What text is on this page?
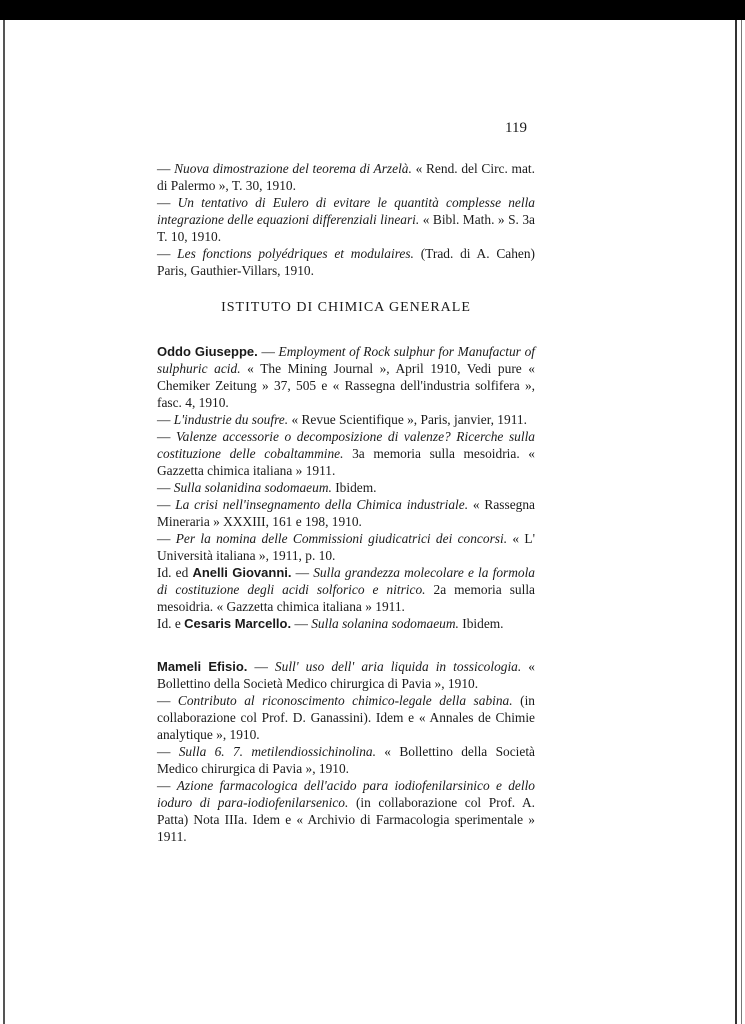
119
— Nuova dimostrazione del teorema di Arzelà. « Rend. del Circ. mat. di Palermo », T. 30, 1910.
— Un tentativo di Eulero di evitare le quantità complesse nella integrazione delle equazioni differenziali lineari. « Bibl. Math. » S. 3a T. 10, 1910.
— Les fonctions polyédriques et modulaires. (Trad. di A. Cahen) Paris, Gauthier-Villars, 1910.
ISTITUTO DI CHIMICA GENERALE
Oddo Giuseppe. — Employment of Rock sulphur for Manufactur of sulphuric acid. « The Mining Journal », April 1910, Vedi pure « Chemiker Zeitung » 37, 505 e « Rassegna dell'industria solfifera », fasc. 4, 1910.
— L'industrie du soufre. « Revue Scientifique », Paris, janvier, 1911.
— Valenze accessorie o decomposizione di valenze? Ricerche sulla costituzione delle cobaltammine. 3a memoria sulla mesoidria. « Gazzetta chimica italiana » 1911.
— Sulla solanidina sodomaeum. Ibidem.
— La crisi nell'insegnamento della Chimica industriale. « Rassegna Mineraria » XXXIII, 161 e 198, 1910.
— Per la nomina delle Commissioni giudicatrici dei concorsi. « L' Università italiana », 1911, p. 10.
Id. ed Anelli Giovanni. — Sulla grandezza molecolare e la formola di costituzione degli acidi solforico e nitrico. 2a memoria sulla mesoidria. « Gazzetta chimica italiana » 1911.
Id. e Cesaris Marcello. — Sulla solanina sodomaeum. Ibidem.
Mameli Efisio. — Sull' uso dell' aria liquida in tossicologia. « Bollettino della Società Medico chirurgica di Pavia », 1910.
— Contributo al riconoscimento chimico-legale della sabina. (in collaborazione col Prof. D. Ganassini). Idem e « Annales de Chimie analytique », 1910.
— Sulla 6. 7. metilendiossichinolina. « Bollettino della Società Medico chirurgica di Pavia », 1910.
— Azione farmacologica dell'acido para iodiofenilarsinico e dello ioduro di para-iodiofenilarsenico. (in collaborazione col Prof. A. Patta) Nota IIIa. Idem e « Archivio di Farmacologia sperimentale » 1911.
